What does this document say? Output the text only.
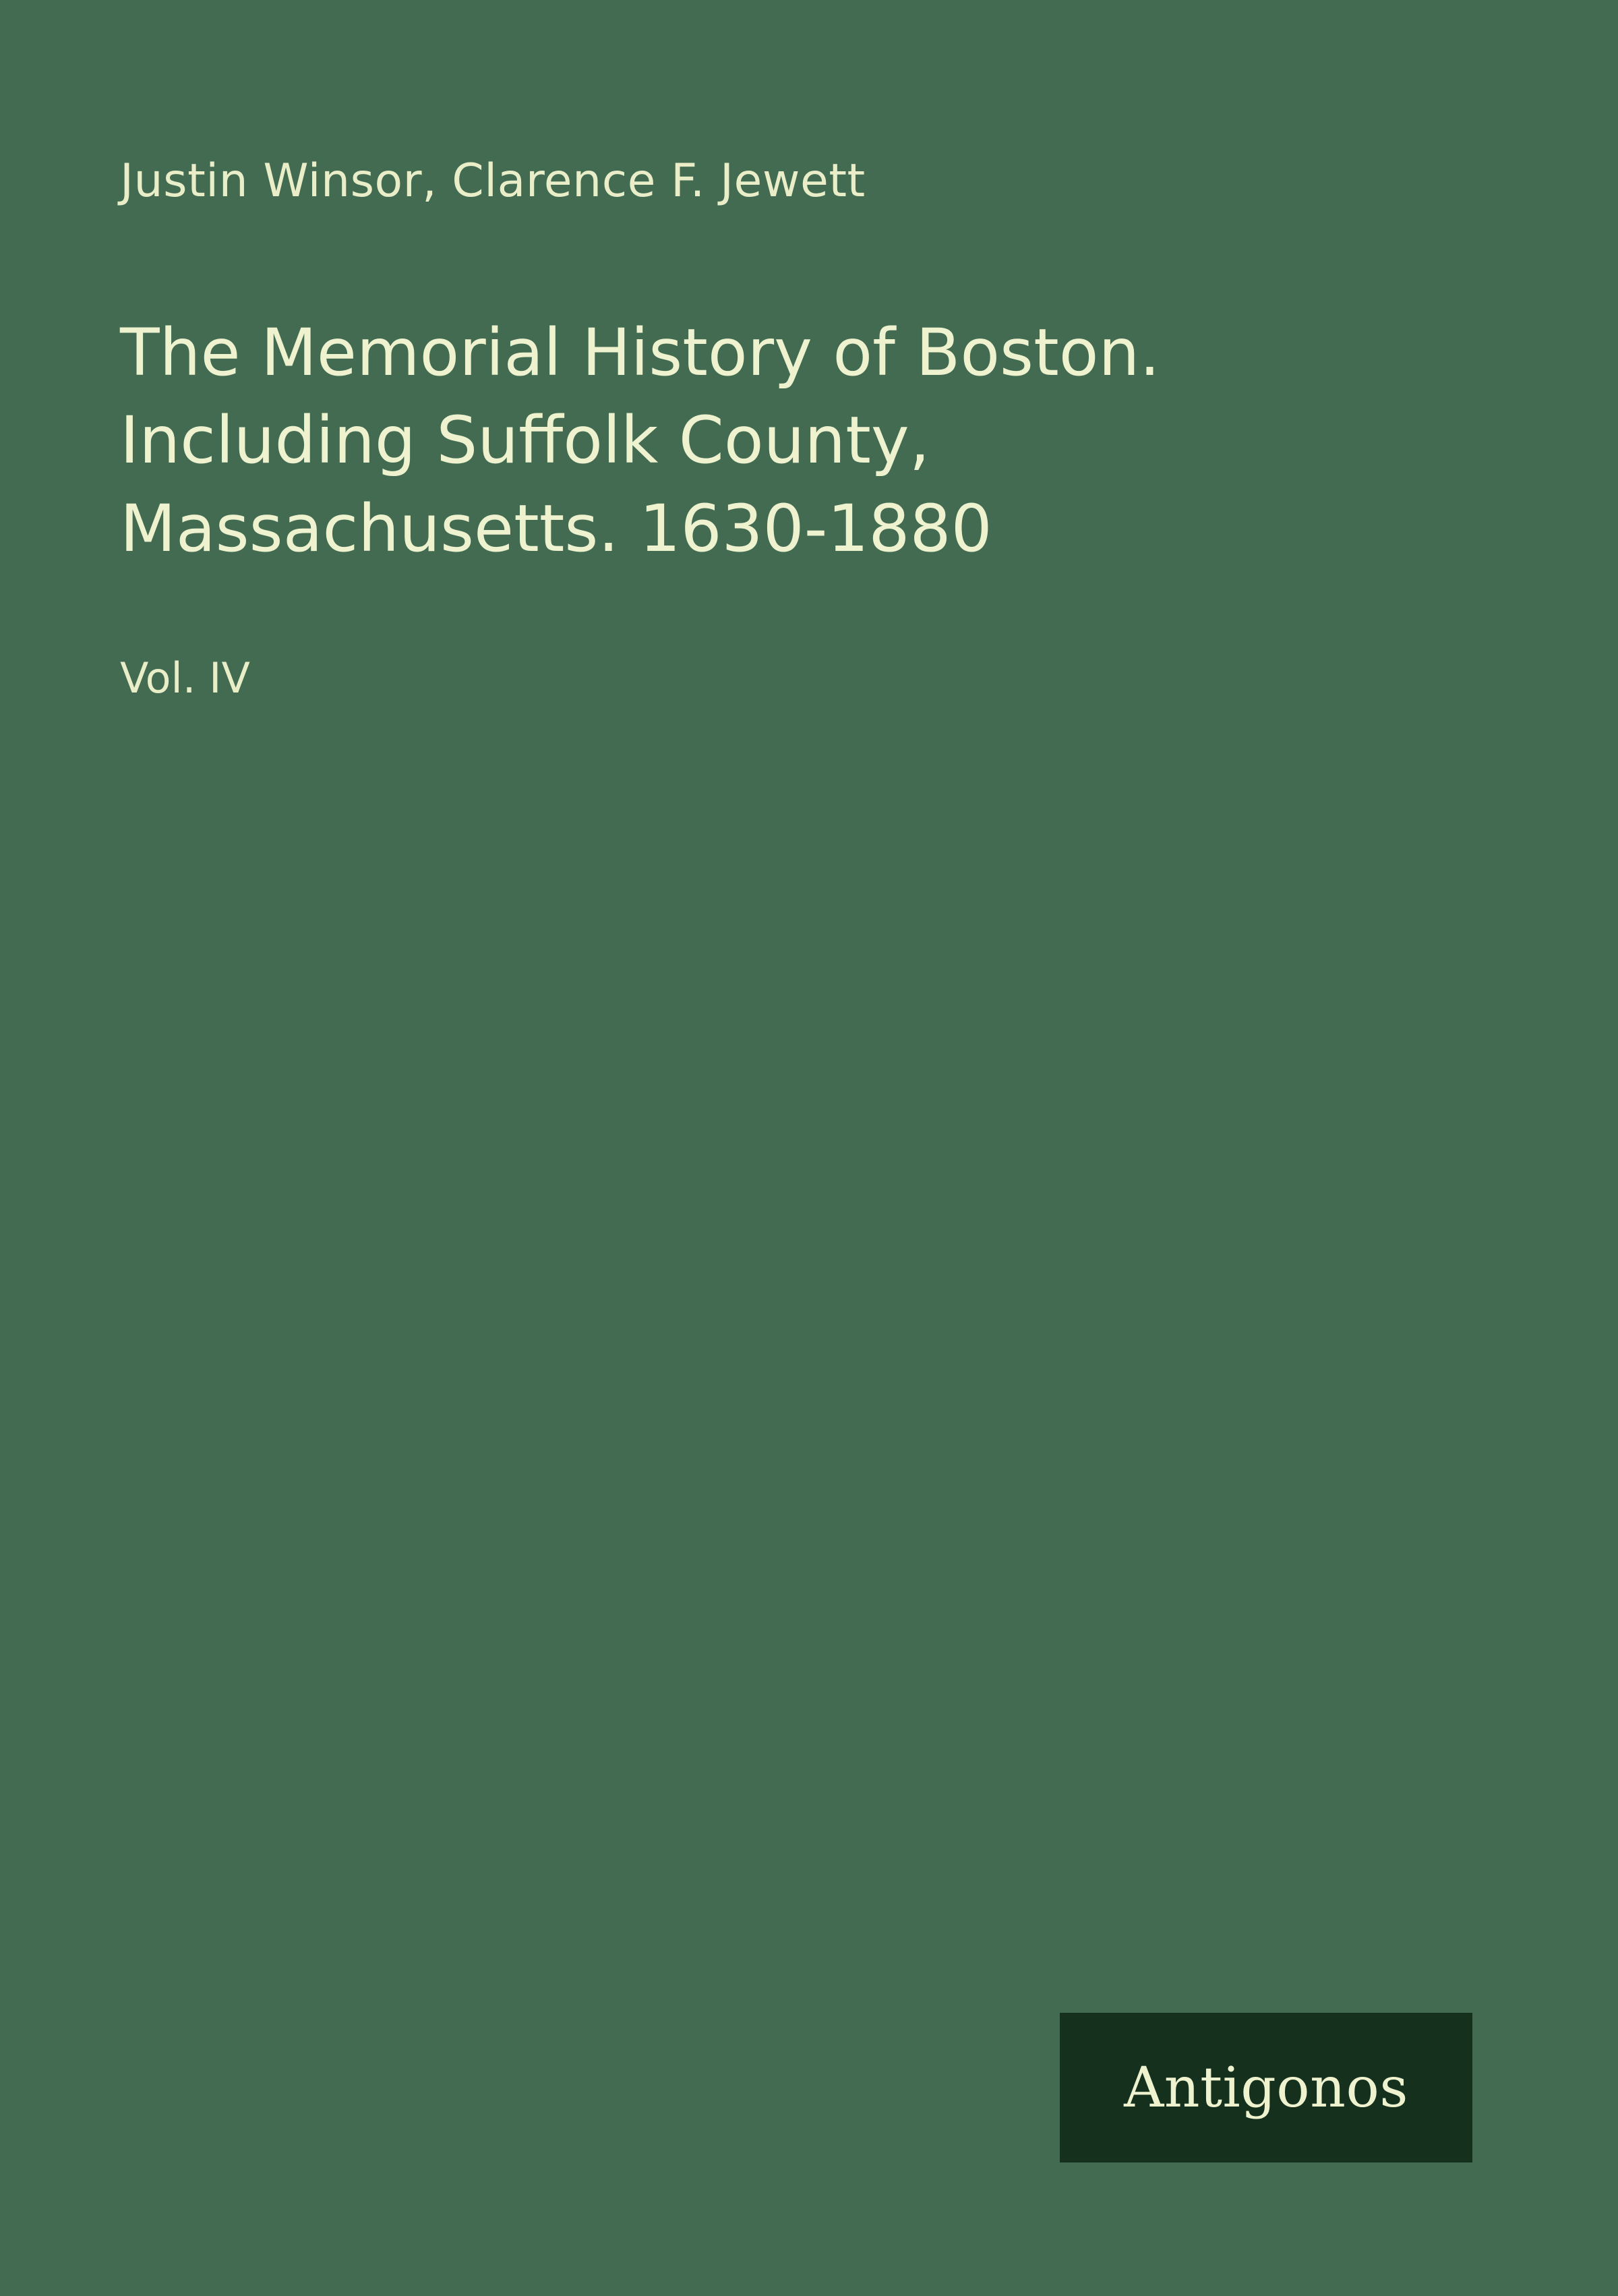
Justin Winsor, Clarence F. Jewett
The Memorial History of Boston. Including Suffolk County, Massachusetts. 1630-1880
Vol. IV
Antigonos
